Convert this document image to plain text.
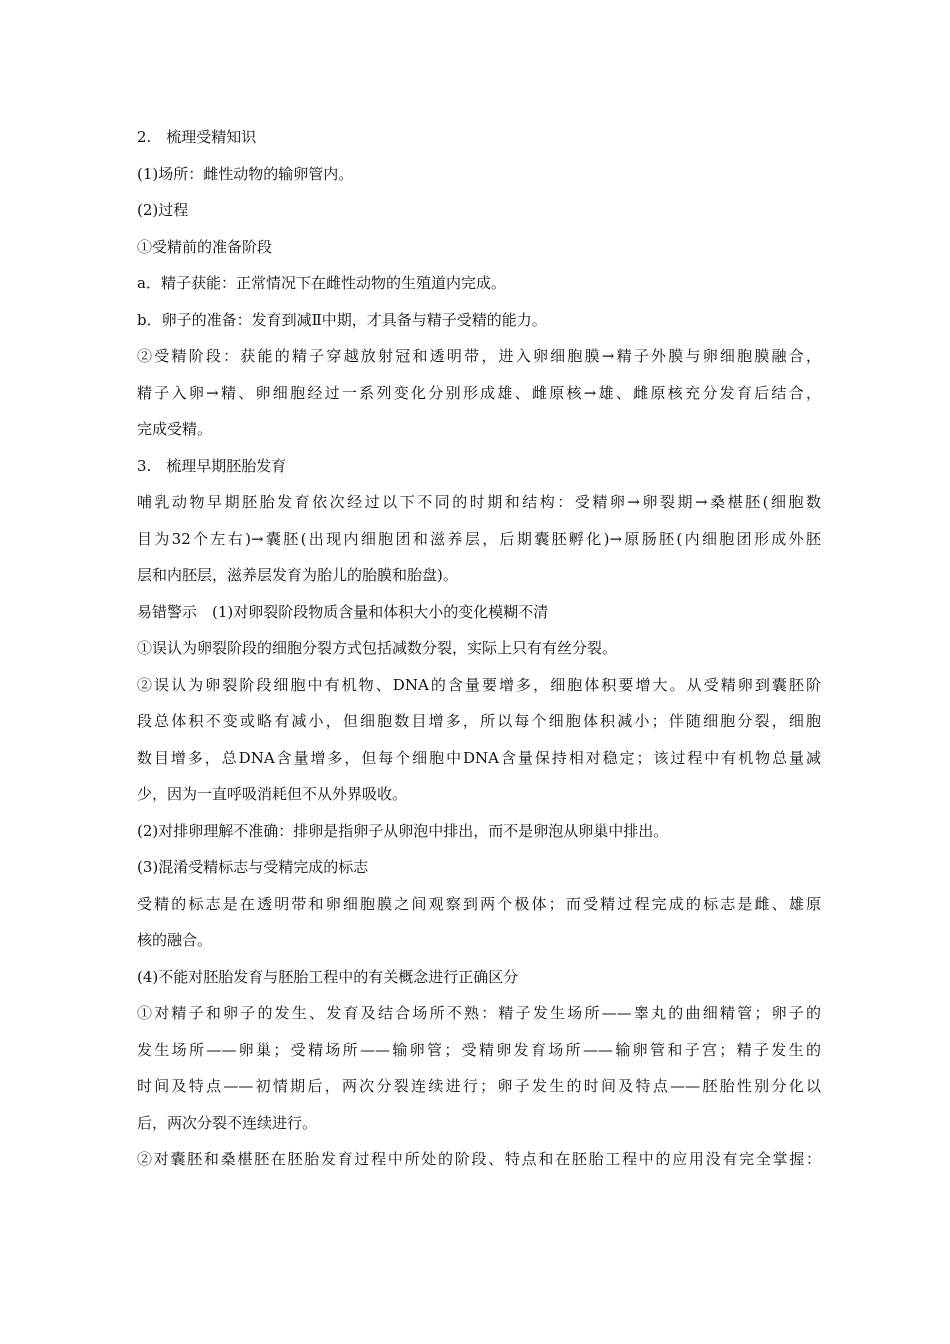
2.　梳理受精知识
(1)场所：雌性动物的输卵管内。
(2)过程
①受精前的准备阶段
a．精子获能：正常情况下在雌性动物的生殖道内完成。
b．卵子的准备：发育到减Ⅱ中期，才具备与精子受精的能力。
②受精阶段：获能的精子穿越放射冠和透明带，进入卵细胞膜→精子外膜与卵细胞膜融合，
精子入卵→精、卵细胞经过一系列变化分别形成雄、雌原核→雄、雌原核充分发育后结合，
完成受精。
3.　梳理早期胚胎发育
哺乳动物早期胚胎发育依次经过以下不同的时期和结构：受精卵→卵裂期→桑椹胚(细胞数
目为32个左右)→囊胚(出现内细胞团和滋养层，后期囊胚孵化)→原肠胚(内细胞团形成外胚
层和内胚层，滋养层发育为胎儿的胎膜和胎盘)。
易错警示　(1)对卵裂阶段物质含量和体积大小的变化模糊不清
①误认为卵裂阶段的细胞分裂方式包括减数分裂，实际上只有有丝分裂。
②误认为卵裂阶段细胞中有机物、DNA的含量要增多，细胞体积要增大。从受精卵到囊胚阶
段总体积不变或略有减小，但细胞数目增多，所以每个细胞体积减小；伴随细胞分裂，细胞
数目增多，总DNA含量增多，但每个细胞中DNA含量保持相对稳定；该过程中有机物总量减
少，因为一直呼吸消耗但不从外界吸收。
(2)对排卵理解不准确：排卵是指卵子从卵泡中排出，而不是卵泡从卵巢中排出。
(3)混淆受精标志与受精完成的标志
受精的标志是在透明带和卵细胞膜之间观察到两个极体；而受精过程完成的标志是雌、雄原
核的融合。
(4)不能对胚胎发育与胚胎工程中的有关概念进行正确区分
①对精子和卵子的发生、发育及结合场所不熟：精子发生场所——睾丸的曲细精管；卵子的
发生场所——卵巢；受精场所——输卵管；受精卵发育场所——输卵管和子宫；精子发生的
时间及特点——初情期后，两次分裂连续进行；卵子发生的时间及特点——胚胎性别分化以
后，两次分裂不连续进行。
②对囊胚和桑椹胚在胚胎发育过程中所处的阶段、特点和在胚胎工程中的应用没有完全掌握：
